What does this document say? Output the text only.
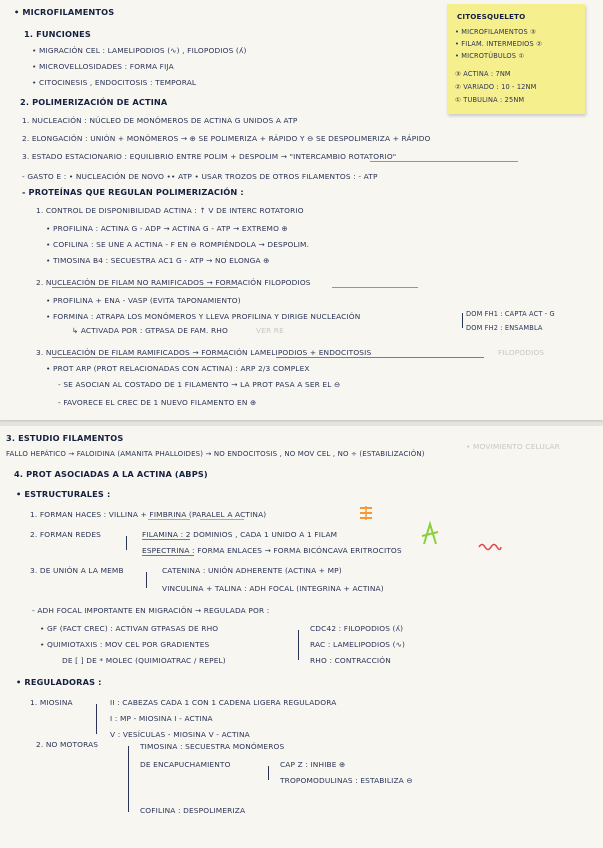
• MICROFILAMENTOS
1. FUNCIONES
• MIGRACIÓN CEL : LAMELIPODIOS (∿) , FILOPODIOS (ʎ)
• MICROVELLOSIDADES : FORMA FIJA
• CITOCINESIS , ENDOCITOSIS : TEMPORAL
CITOESQUELETO
• MICROFILAMENTOS ③
• FILAM. INTERMEDIOS ②
• MICROTÚBULOS ①
③ ACTINA : 7NM
② VARIADO : 10 - 12NM
① TUBULINA : 25NM
2. POLIMERIZACIÓN DE ACTINA
1. NUCLEACIÓN : NÚCLEO DE MONÓMEROS DE ACTINA G UNIDOS A ATP
2. ELONGACIÓN : UNIÓN + MONÓMEROS → ⊕ SE POLIMERIZA + RÁPIDO Y ⊖ SE DESPOLIMERIZA + RÁPIDO
3. ESTADO ESTACIONARIO : EQUILIBRIO ENTRE POLIM + DESPOLIM → "INTERCAMBIO ROTATORIO"
- GASTO E : • NUCLEACIÓN DE NOVO •• ATP • USAR TROZOS DE OTROS FILAMENTOS : - ATP
- PROTEÍNAS QUE REGULAN POLIMERIZACIÓN :
1. CONTROL DE DISPONIBILIDAD ACTINA : ↑ V DE INTERC ROTATORIO
• PROFILINA : ACTINA G - ADP → ACTINA G - ATP → EXTREMO ⊕
• COFILINA : SE UNE A ACTINA - F EN ⊖ ROMPIÉNDOLA → DESPOLIM.
• TIMOSINA B4 : SECUESTRA AC1 G - ATP → NO ELONGA ⊕
2. NUCLEACIÓN DE FILAM NO RAMIFICADOS → FORMACIÓN FILOPODIOS
• PROFILINA + ENA - VASP (EVITA TAPONAMIENTO)
• FORMINA : ATRAPA LOS MONÓMEROS Y LLEVA PROFILINA Y DIRIGE NUCLEACIÓN
↳ ACTIVADA POR : GTPASA DE FAM. RHO	VER RE
DOM FH1 : CAPTA ACT - G
DOM FH2 : ENSAMBLA
3. NUCLEACIÓN DE FILAM RAMIFICADOS → FORMACIÓN LAMELIPODIOS + ENDOCITOSIS	FILOPODIOS
• PROT ARP (PROT RELACIONADAS CON ACTINA) : ARP 2/3 COMPLEX
- SE ASOCIAN AL COSTADO DE 1 FILAMENTO → LA PROT PASA A SER EL ⊖
- FAVORECE EL CREC DE 1 NUEVO FILAMENTO EN ⊕
3. ESTUDIO FILAMENTOS
FALLO HEPÁTICO → FALOIDINA (AMANITA PHALLOIDES) → NO ENDOCITOSIS , NO MOV CEL , NO ÷ (ESTABILIZACIÓN)
4. PROT ASOCIADAS A LA ACTINA (ABPS)
• ESTRUCTURALES :
1. FORMAN HACES : VILLINA + FIMBRINA (PARALEL A ACTINA)
2. FORMAN REDES	FILAMINA : 2 DOMINIOS , CADA 1 UNIDO A 1 FILAM
ESPECTRINA : FORMA ENLACES → FORMA BICÓNCAVA ERITROCITOS
3. DE UNIÓN A LA MEMB	CATENINA : UNIÓN ADHERENTE (ACTINA + MP)
VINCULINA + TALINA : ADH FOCAL (INTEGRINA + ACTINA)
- ADH FOCAL IMPORTANTE EN MIGRACIÓN → REGULADA POR :
• GF (FACT CREC) : ACTIVAN GTPASAS DE RHO
• QUIMIOTAXIS : MOV CEL POR GRADIENTES
DE [ ] DE * MOLEC (QUIMIOATRAC / REPEL)
CDC42 : FILOPODIOS (ʎ)
RAC : LAMELIPODIOS (∿)
RHO : CONTRACCIÓN
• REGULADORAS :
1. MIOSINA	II : CABEZAS CADA 1 CON 1 CADENA LIGERA REGULADORA
I : MP - MIOSINA I - ACTINA
V : VESÍCULAS - MIOSINA V - ACTINA
2. NO MOTORAS	TIMOSINA : SECUESTRA MONÓMEROS
DE ENCAPUCHAMIENTO	CAP Z : INHIBE ⊕
TROPOMODULINAS : ESTABILIZA ⊖
COFILINA : DESPOLIMERIZA
• MOVIMIENTO CELULAR
